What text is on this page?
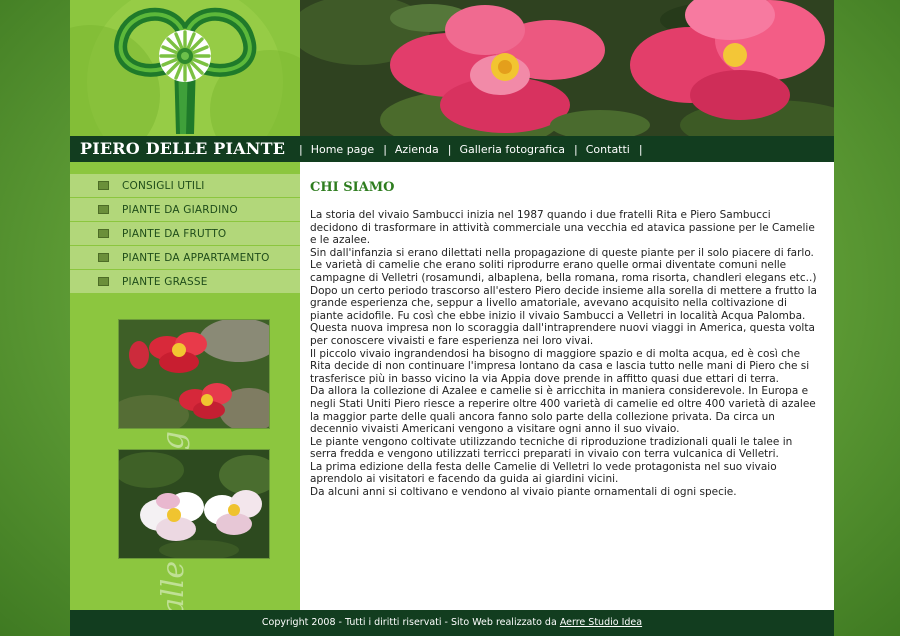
PIERO DELLE PIANTE | Home page | Azienda | Galleria fotografica | Contatti |
CONSIGLI UTILI
PIANTE DA GIARDINO
PIANTE DA FRUTTO
PIANTE DA APPARTAMENTO
PIANTE GRASSE
galleria
CHI SIAMO

La storia del vivaio Sambucci inizia nel 1987 quando i due fratelli Rita e Piero Sambucci decidono di trasformare in attività commerciale una vecchia ed atavica passione per le Camelie e le azalee.

Sin dall'infanzia si erano dilettati nella propagazione di queste piante per il solo piacere di farlo. Le varietà di camelie che erano soliti riprodurre erano quelle ormai diventate comuni nelle campagne di Velletri (rosamundi, albaplena, bella romana, roma risorta, chandleri elegans etc..)

Dopo un certo periodo trascorso all'estero Piero decide insieme alla sorella di mettere a frutto la grande esperienza che, seppur a livello amatoriale, avevano acquisito nella coltivazione di piante acidofile. Fu così che ebbe inizio il vivaio Sambucci a Velletri in località Acqua Palomba. Questa nuova impresa non lo scoraggia dall'intraprendere nuovi viaggi in America, questa volta per conoscere vivaisti e fare esperienza nei loro vivai.

Il piccolo vivaio ingrandendosi ha bisogno di maggiore spazio e di molta acqua, ed è così che Rita decide di non continuare l'impresa lontano da casa e lascia tutto nelle mani di Piero che si trasferisce più in basso vicino la via Appia dove prende in affitto quasi due ettari di terra.

Da allora la collezione di Azalee e camelie si è arricchita in maniera considerevole. In Europa e negli Stati Uniti Piero riesce a reperire oltre 400 varietà di camelie ed oltre 400 varietà di azalee la maggior parte delle quali ancora fanno solo parte della collezione privata. Da circa un decennio vivaisti Americani vengono a visitare ogni anno il suo vivaio.

Le piante vengono coltivate utilizzando tecniche di riproduzione tradizionali quali le talee in serra fredda e vengono utilizzati terricci preparati in vivaio con terra vulcanica di Velletri.

La prima edizione della festa delle Camelie di Velletri lo vede protagonista nel suo vivaio aprendolo ai visitatori e facendo da guida ai giardini vicini.

Da alcuni anni si coltivano e vendono al vivaio piante ornamentali di ogni specie.

Copyright 2008 - Tutti i diritti riservati - Sito Web realizzato da Aerre Studio Idea
